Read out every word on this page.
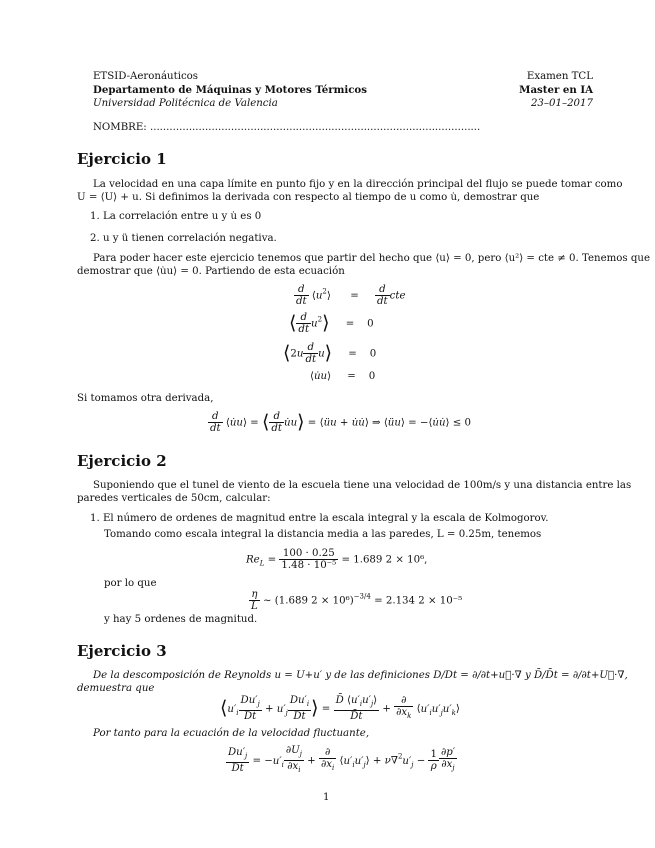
ETSID-Aeronáuticos
Departamento de Máquinas y Motores Térmicos
Universidad Politécnica de Valencia
Examen TCL
Master en IA
23–01–2017
NOMBRE: ......................................................................................................
Ejercicio 1
La velocidad en una capa límite en punto fijo y en la dirección principal del flujo se puede tomar como
U = ⟨U⟩ + u. Si definimos la derivada con respecto al tiempo de u como u̇, demostrar que
1. La correlación entre u y u̇ es 0
2. u y ü tienen correlación negativa.
Para poder hacer este ejercicio tenemos que partir del hecho que ⟨u⟩ = 0, pero ⟨u²⟩ = cte ≠ 0. Tenemos que
demostrar que ⟨u̇u⟩ = 0. Partiendo de esta ecuación
$\frac{d}{dt}$ $⟨u^2⟩$      = $\frac{d}{dt}$ cte
⟨ $\frac{d}{dt}$ $u^2⟩$     =    0
⟨2u $\frac{d}{dt}$ u⟩     =    0
⟨u̇u⟩     =    0
Si tomamos otra derivada,
$\frac{d}{dt}$ ⟨u̇u⟩ = ⟨ $\frac{d}{dt}$ u̇u⟩ = ⟨üu + u̇u̇⟩ ⇒ ⟨üu⟩ = −⟨u̇u̇⟩ ≤ 0
Ejercicio 2
Suponiendo que el tunel de viento de la escuela tiene una velocidad de 100m/s y una distancia entre las
paredes verticales de 50cm, calcular:
1. El número de ordenes de magnitud entre la escala integral y la escala de Kolmogorov.
Tomando como escala integral la distancia media a las paredes, L = 0.25m, tenemos
$Re_L = \frac{100 \cdot 0.25}{\text{1.48 · 10⁻⁵}} = 1.689$ 2 × 10⁶,
por lo que
$\frac{\eta}{L}$ ∼ (1.689 2 × 10⁶)$^{-3/4}$ = 2.134 2 × 10⁻⁵
y hay 5 ordenes de magnitud.
Ejercicio 3
De la descomposición de Reynolds u = U+u′ y de las definiciones D/Dt = ∂/∂t+u⃗·∇ y D̄/D̄t = ∂/∂t+U⃗·∇,
demuestra que
$⟨u'_i \frac{Du'_j}{Dt} + u'_j \frac{Du'_i}{Dt}$ ⟩ = $\frac{D̄ ⟨u'_iu'_j⟩}{D̄t} + \frac{\partial}{\partial x_k}$ $⟨u'_iu'_ju'_k⟩$
Por tanto para la ecuación de la velocidad fluctuante,
$\frac{Du'_j}{Dt} = -u'_i \frac{\partial U_j}{\partial x_i} + \frac{\partial}{\partial x_i}$ $⟨u'_iu'_j⟩ + \nu\nabla^2u'_j - \frac{1}{\rho} \frac{\partial p'}{\partial x_j}$
1
